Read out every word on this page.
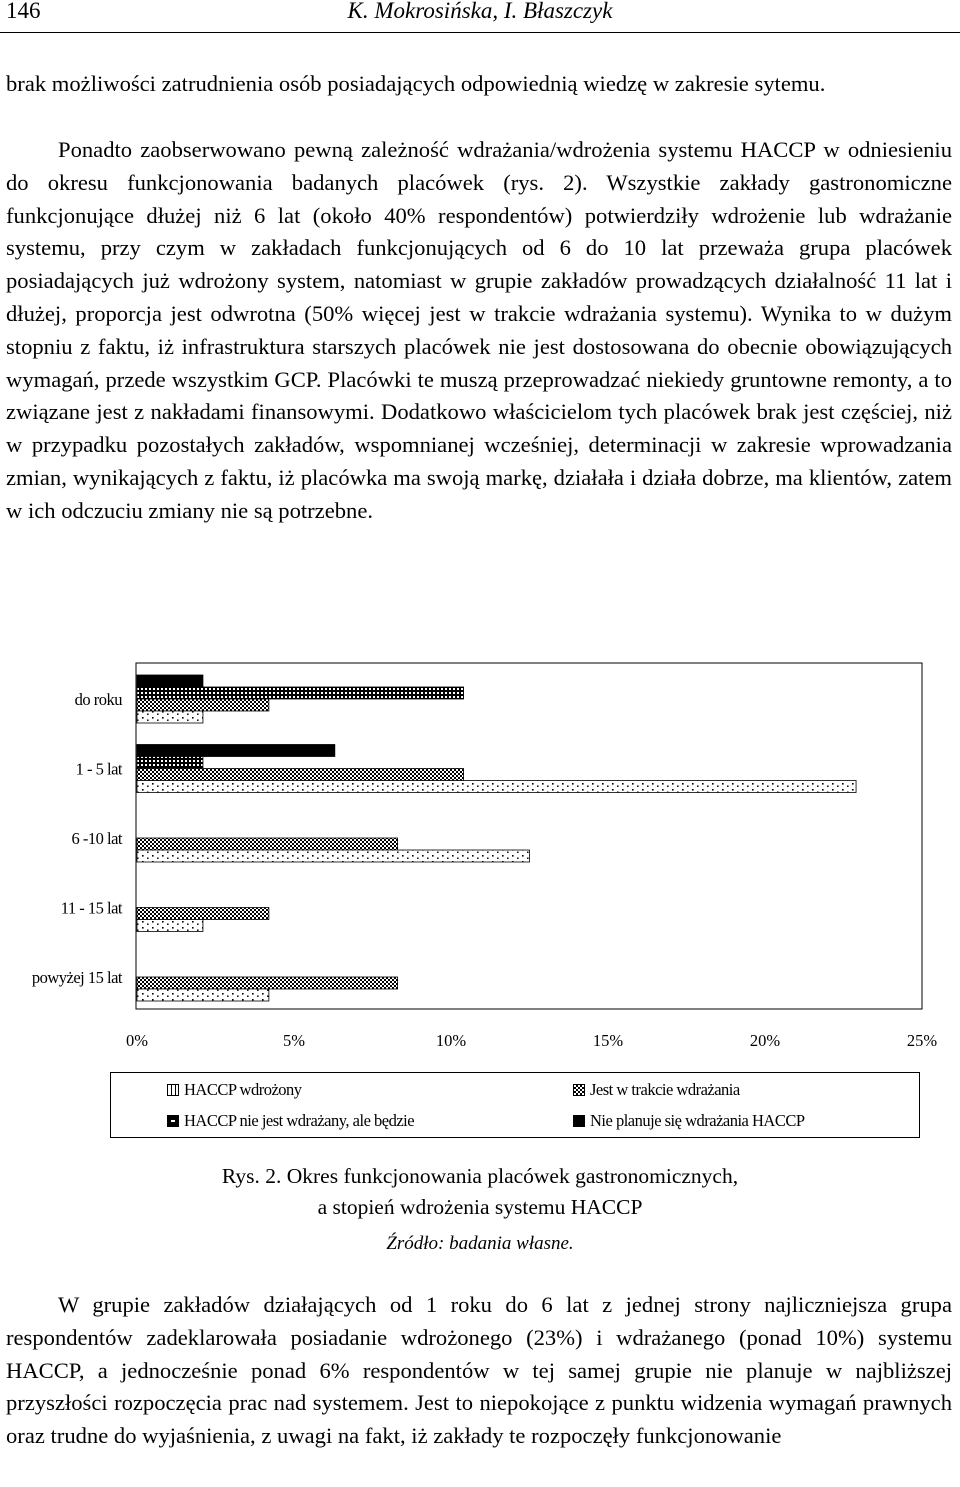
146	K. Mokrosińska, I. Błaszczyk
brak możliwości zatrudnienia osób posiadających odpowiednią wiedzę w zakresie sytemu.
Ponadto zaobserwowano pewną zależność wdrażania/wdrożenia systemu HACCP w odniesieniu do okresu funkcjonowania badanych placówek (rys. 2). Wszystkie zakłady gastronomiczne funkcjonujące dłużej niż 6 lat (około 40% respondentów) potwierdziły wdrożenie lub wdrażanie systemu, przy czym w zakładach funkcjonujących od 6 do 10 lat przeważa grupa placówek posiadających już wdrożony system, natomiast w grupie zakładów prowadzących działalność 11 lat i dłużej, proporcja jest odwrotna (50% więcej jest w trakcie wdrażania systemu). Wynika to w dużym stopniu z faktu, iż infrastruktura starszych placówek nie jest dostosowana do obecnie obowiązujących wymagań, przede wszystkim GCP. Placówki te muszą przeprowadzać niekiedy gruntowne remonty, a to związane jest z nakładami finansowymi. Dodatkowo właścicielom tych placówek brak jest częściej, niż w przypadku pozostałych zakładów, wspomnianej wcześniej, determinacji w zakresie wprowadzania zmian, wynikających z faktu, iż placówka ma swoją markę, działała i działa dobrze, ma klientów, zatem w ich odczuciu zmiany nie są potrzebne.
do roku
1 - 5 lat
6 -10 lat
11 - 15 lat
powyżej 15 lat
0%	5%	10%	15%	20%	25%
HACCP wdrożony	Jest w trakcie wdrażania
HACCP nie jest wdrażany, ale będzie	Nie planuje się wdrażania HACCP
Rys. 2. Okres funkcjonowania placówek gastronomicznych,
a stopień wdrożenia systemu HACCP
Źródło: badania własne.
W grupie zakładów działających od 1 roku do 6 lat z jednej strony najliczniejsza grupa respondentów zadeklarowała posiadanie wdrożonego (23%) i wdrażanego (ponad 10%) systemu HACCP, a jednocześnie ponad 6% respondentów w tej samej grupie nie planuje w najbliższej przyszłości rozpoczęcia prac nad systemem. Jest to niepokojące z punktu widzenia wymagań prawnych oraz trudne do wyjaśnienia, z uwagi na fakt, iż zakłady te rozpoczęły funkcjonowanie
